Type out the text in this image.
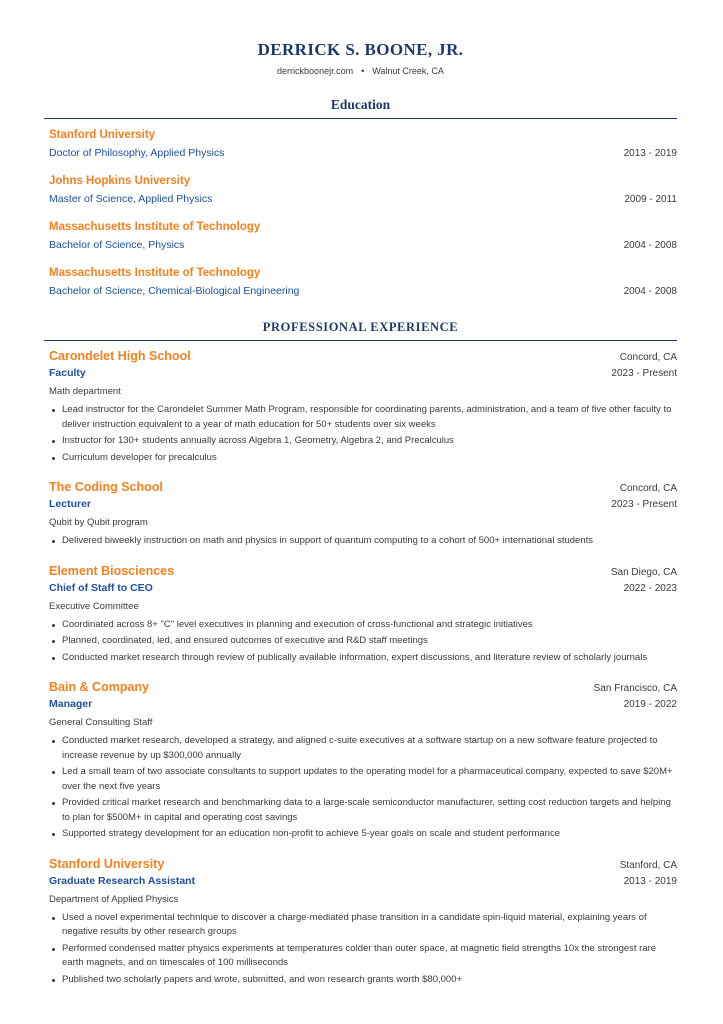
DERRICK S. BOONE, JR.
derrickboonejr.com • Walnut Creek, CA
Education
Stanford University
Doctor of Philosophy, Applied Physics	2013 - 2019
Johns Hopkins University
Master of Science, Applied Physics	2009 - 2011
Massachusetts Institute of Technology
Bachelor of Science, Physics	2004 - 2008
Massachusetts Institute of Technology
Bachelor of Science, Chemical-Biological Engineering	2004 - 2008
PROFESSIONAL EXPERIENCE
Carondelet High School	Concord, CA
Faculty	2023 - Present
Math department
Lead instructor for the Carondelet Summer Math Program, responsible for coordinating parents, administration, and a team of five other faculty to deliver instruction equivalent to a year of math education for 50+ students over six weeks
Instructor for 130+ students annually across Algebra 1, Geometry, Algebra 2, and Precalculus
Curriculum developer for precalculus
The Coding School	Concord, CA
Lecturer	2023 - Present
Qubit by Qubit program
Delivered biweekly instruction on math and physics in support of quantum computing to a cohort of 500+ international students
Element Biosciences	San Diego, CA
Chief of Staff to CEO	2022 - 2023
Executive Committee
Coordinated across 8+ "C" level executives in planning and execution of cross-functional and strategic initiatives
Planned, coordinated, led, and ensured outcomes of executive and R&D staff meetings
Conducted market research through review of publically available information, expert discussions, and literature review of scholarly journals
Bain & Company	San Francisco, CA
Manager	2019 - 2022
General Consulting Staff
Conducted market research, developed a strategy, and aligned c-suite executives at a software startup on a new software feature projected to increase revenue by up $300,000 annually
Led a small team of two associate consultants to support updates to the operating model for a pharmaceutical company, expected to save $20M+ over the next five years
Provided critical market research and benchmarking data to a large-scale semiconductor manufacturer, setting cost reduction targets and helping to plan for $500M+ in capital and operating cost savings
Supported strategy development for an education non-profit to achieve 5-year goals on scale and student performance
Stanford University	Stanford, CA
Graduate Research Assistant	2013 - 2019
Department of Applied Physics
Used a novel experimental technique to discover a charge-mediated phase transition in a candidate spin-liquid material, explaining years of negative results by other research groups
Performed condensed matter physics experiments at temperatures colder than outer space, at magnetic field strengths 10x the strongest rare earth magnets, and on timescales of 100 milliseconds
Published two scholarly papers and wrote, submitted, and won research grants worth $80,000+
